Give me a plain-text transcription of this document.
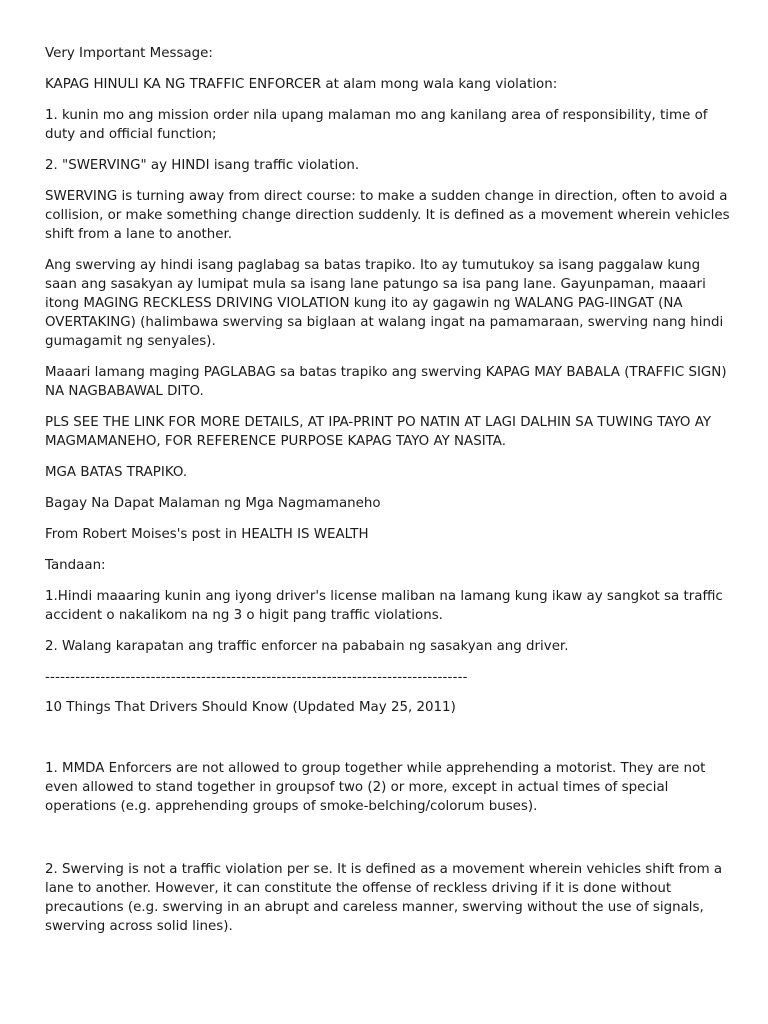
Very Important Message:

KAPAG HINULI KA NG TRAFFIC ENFORCER at alam mong wala kang violation:

1. kunin mo ang mission order nila upang malaman mo ang kanilang area of responsibility, time of duty and official function;

2. "SWERVING" ay HINDI isang traffic violation.

SWERVING is turning away from direct course: to make a sudden change in direction, often to avoid a collision, or make something change direction suddenly. It is defined as a movement wherein vehicles shift from a lane to another.

Ang swerving ay hindi isang paglabag sa batas trapiko. Ito ay tumutukoy sa isang paggalaw kung saan ang sasakyan ay lumipat mula sa isang lane patungo sa isa pang lane. Gayunpaman, maaari itong MAGING RECKLESS DRIVING VIOLATION kung ito ay gagawin ng WALANG PAG-IINGAT (NA OVERTAKING) (halimbawa swerving sa biglaan at walang ingat na pamamaraan, swerving nang hindi gumagamit ng senyales).

Maaari lamang maging PAGLABAG sa batas trapiko ang swerving KAPAG MAY BABALA (TRAFFIC SIGN) NA NAGBABAWAL DITO.

PLS SEE THE LINK FOR MORE DETAILS, AT IPA-PRINT PO NATIN AT LAGI DALHIN SA TUWING TAYO AY MAGMAMANEHO, FOR REFERENCE PURPOSE KAPAG TAYO AY NASITA.

MGA BATAS TRAPIKO.

Bagay Na Dapat Malaman ng Mga Nagmamaneho

From Robert Moises's post in HEALTH IS WEALTH

Tandaan:

1.Hindi maaaring kunin ang iyong driver's license maliban na lamang kung ikaw ay sangkot sa traffic accident o nakalikom na ng 3 o higit pang traffic violations.

2. Walang karapatan ang traffic enforcer na pababain ng sasakyan ang driver.

------------------------------------------------------------------------------------

10 Things That Drivers Should Know (Updated May 25, 2011)

1. MMDA Enforcers are not allowed to group together while apprehending a motorist. They are not even allowed to stand together in groupsof two (2) or more, except in actual times of special operations (e.g. apprehending groups of smoke-belching/colorum buses).

2. Swerving is not a traffic violation per se. It is defined as a movement wherein vehicles shift from a lane to another. However, it can constitute the offense of reckless driving if it is done without precautions (e.g. swerving in an abrupt and careless manner, swerving without the use of signals, swerving across solid lines).
